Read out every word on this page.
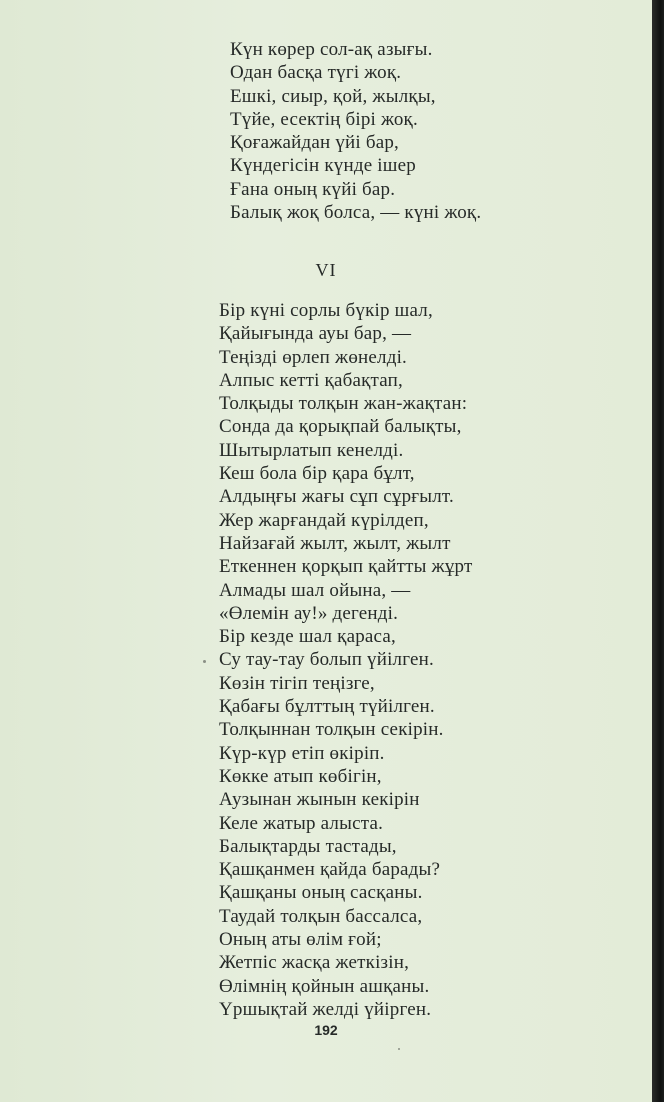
Күн көрер сол-ақ азығы.
Одан басқа түгі жоқ.
Ешкі, сиыр, қой, жылқы,
Түйе, есектің бірі жоқ.
Қоғажайдан үйі бар,
Күндегісін күнде ішер
Ғана оның күйі бар.
Балық жоқ болса, — күні жоқ.
VI
Бір күні сорлы бүкір шал,
Қайығында ауы бар, —
Теңізді өрлеп жөнелді.
Алпыс кетті қабақтап,
Толқыды толқын жан-жақтан:
Сонда да қорықпай балықты,
Шытырлатып кенелді.
Кеш бола бір қара бұлт,
Алдыңғы жағы сұп сұрғылт.
Жер жарғандай күрілдеп,
Найзағай жылт, жылт, жылт
Еткеннен қорқып қайтты жұрт
Алмады шал ойына, —
«Өлемін ау!» дегенді.
Бір кезде шал қараса,
Су тау-тау болып үйілген.
Көзін тігіп теңізге,
Қабағы бұлттың түйілген.
Толқыннан толқын секірін.
Күр-күр етіп өкіріп.
Көкке атып көбігін,
Аузынан жынын кекірін
Келе жатыр алыста.
Балықтарды тастады,
Қашқанмен қайда барады?
Қашқаны оның сасқаны.
Таудай толқын бассалса,
Оның аты өлім ғой;
Жетпіс жасқа жеткізін,
Өлімнің қойнын ашқаны.
Үршықтай желді үйірген.
192
